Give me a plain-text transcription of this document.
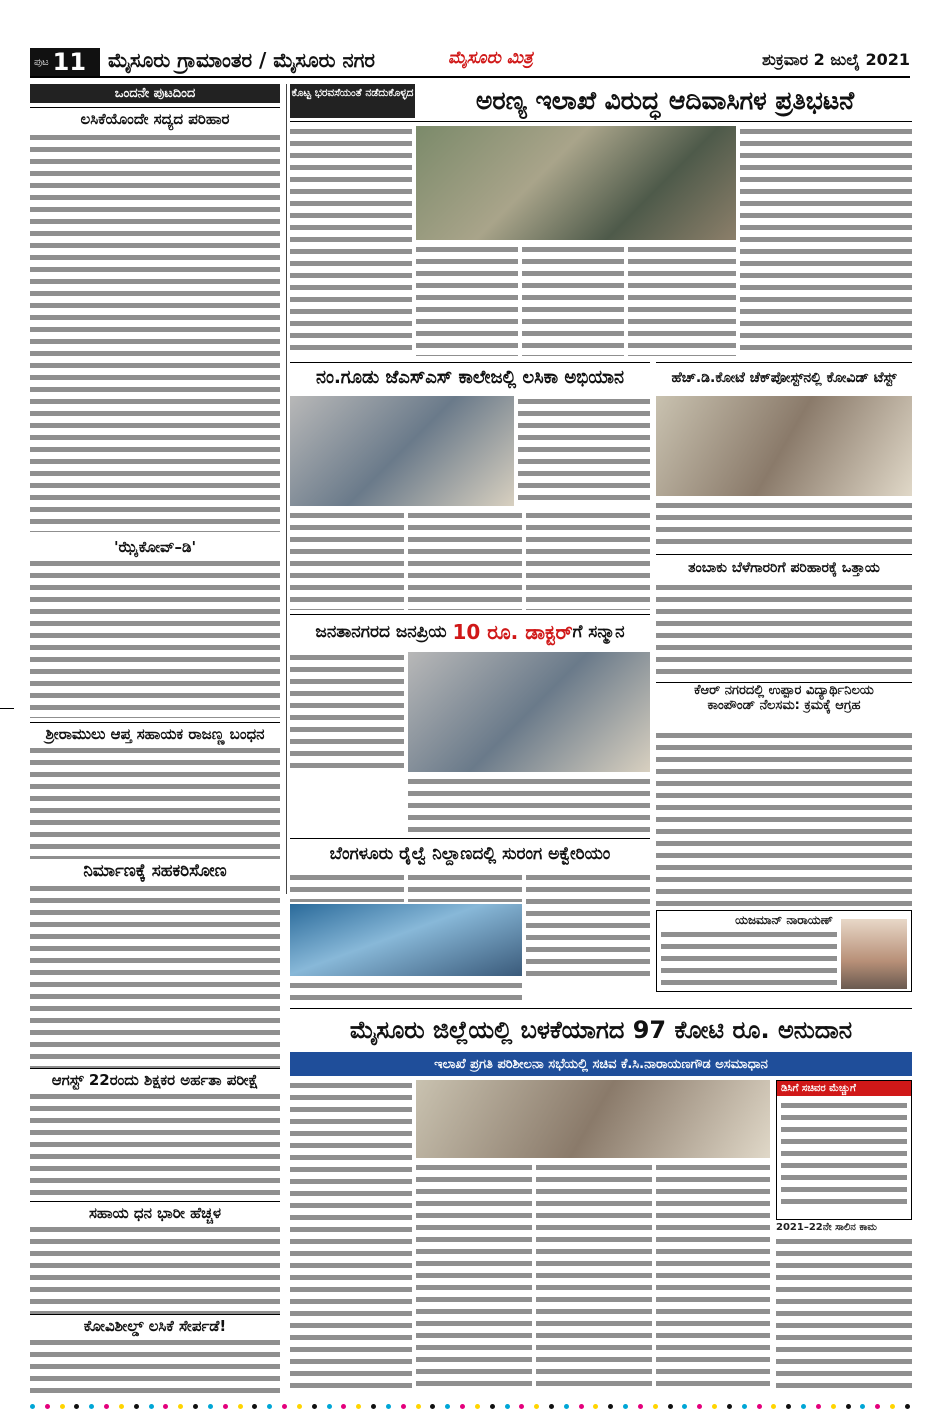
ಪುಟ 11 ಮೈಸೂರು ಗ್ರಾಮಾಂತರ / ಮೈಸೂರು ನಗರ	ಮೈಸೂರು ಮಿತ್ರ	ಶುಕ್ರವಾರ 2 ಜುಲೈ 2021
ಒಂದನೇ ಪುಟದಿಂದ
ಲಸಿಕೆಯೊಂದೇ ಸದ್ಯದ ಪರಿಹಾರ
'ಝೈಕೋವ್–ಡಿ'
ಶ್ರೀರಾಮುಲು ಆಪ್ತ ಸಹಾಯಕ ರಾಜಣ್ಣ ಬಂಧನ
ನಿರ್ಮಾಣಕ್ಕೆ ಸಹಕರಿಸೋಣ
ಆಗಸ್ಟ್ 22ರಂದು ಶಿಕ್ಷಕರ ಅರ್ಹತಾ ಪರೀಕ್ಷೆ
ಸಹಾಯ ಧನ ಭಾರೀ ಹೆಚ್ಚಳ
ಕೋವಿಶೀಲ್ಡ್ ಲಸಿಕೆ ಸೇರ್ಪಡೆ!
ಕೊಟ್ಟ ಭರವಸೆಯಂತೆ ನಡೆದುಕೊಳ್ಳದ	ಅರಣ್ಯ ಇಲಾಖೆ ವಿರುದ್ಧ ಆದಿವಾಸಿಗಳ ಪ್ರತಿಭಟನೆ
ನಂ.ಗೂಡು ಜೆಎಸ್ಎಸ್ ಕಾಲೇಜಲ್ಲಿ ಲಸಿಕಾ ಅಭಿಯಾನ	ಹೆಚ್.ಡಿ.ಕೋಟೆ ಚೆಕ್‌ಪೋಸ್ಟ್‌ನಲ್ಲಿ ಕೋವಿಡ್ ಟೆಸ್ಟ್
ತಂಬಾಕು ಬೆಳೆಗಾರರಿಗೆ ಪರಿಹಾರಕ್ಕೆ ಒತ್ತಾಯ
ಕೆಆರ್ ನಗರದಲ್ಲಿ ಉಪ್ಪಾರ ವಿದ್ಯಾರ್ಥಿನಿಲಯ
ಕಾಂಪೌಂಡ್ ನೆಲಸಮ: ಕ್ರಮಕ್ಕೆ ಆಗ್ರಹ
ಜನತಾನಗರದ ಜನಪ್ರಿಯ
10 ರೂ. ಡಾಕ್ಟರ್ ಗೆ ಸನ್ಮಾನ
ಬೆಂಗಳೂರು ರೈಲ್ವೆ ನಿಲ್ದಾಣದಲ್ಲಿ ಸುರಂಗ ಅಕ್ವೇರಿಯಂ
ಯಜಮಾನ್ ನಾರಾಯಣ್
ಮೈಸೂರು ಜಿಲ್ಲೆಯಲ್ಲಿ ಬಳಕೆಯಾಗದ 97 ಕೋಟಿ ರೂ. ಅನುದಾನ
ಇಲಾಖೆ ಪ್ರಗತಿ ಪರಿಶೀಲನಾ ಸಭೆಯಲ್ಲಿ ಸಚಿವ ಕೆ.ಸಿ.ನಾರಾಯಣಗೌಡ ಅಸಮಾಧಾನ
ಡಿಸಿಗೆ ಸಚಿವರ ಮೆಚ್ಚುಗೆ
2021–22ನೇ ಸಾಲಿನ ಕಾಮ
